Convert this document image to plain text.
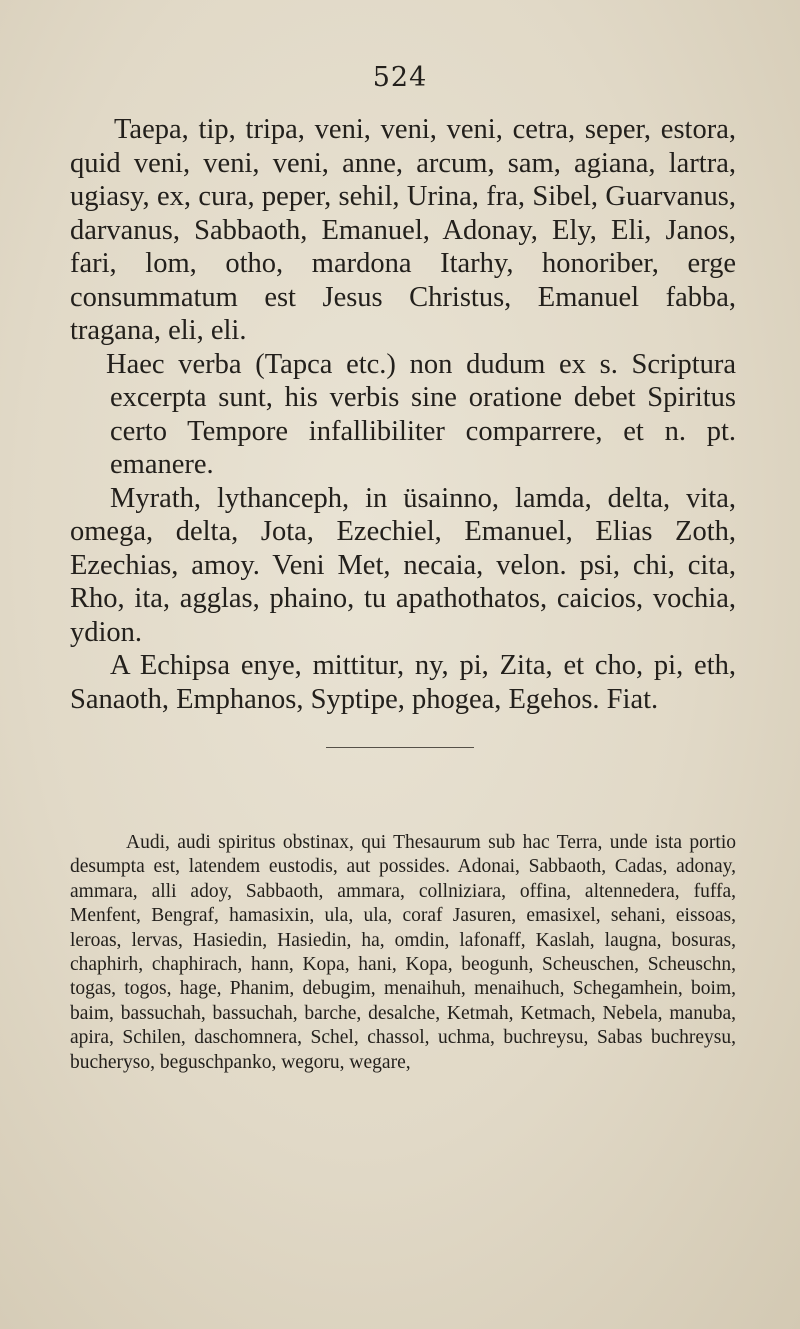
524

Taepa, tip, tripa, veni, veni, veni, cetra, seper, estora, quid veni, veni, veni, anne, arcum, sam, agiana, lartra, ugiasy, ex, cura, peper, sehil, Urina, fra, Sibel, Guarvanus, darvanus, Sabbaoth, Emanuel, Adonay, Ely, Eli, Janos, fari, lom, otho, mardona Itarhy, honoriber, erge consummatum est Jesus Christus, Emanuel fabba, tragana, eli, eli.

Haec verba (Tapca etc.) non dudum ex s. Scriptura excerpta sunt, his verbis sine oratione debet Spiritus certo Tempore infallibiliter comparrere, et n. pt. emanere.

Myrath, lythanceph, in üsainno, lamda, delta, vita, omega, delta, Jota, Ezechiel, Emanuel, Elias Zoth, Ezechias, amoy. Veni Met, necaia, velon. psi, chi, cita, Rho, ita, agglas, phaino, tu apathothatos, caicios, vochia, ydion.

A Echipsa enye, mittitur, ny, pi, Zita, et cho, pi, eth, Sanaoth, Emphanos, Syptipe, phogea, Egehos. Fiat.

Audi, audi spiritus obstinax, qui Thesaurum sub hac Terra, unde ista portio desumpta est, latendem eustodis, aut possides. Adonai, Sabbaoth, Cadas, adonay, ammara, alli adoy, Sabbaoth, ammara, collniziara, offina, altennedera, fuffa, Menfent, Bengraf, hamasixin, ula, ula, coraf Jasuren, emasixel, sehani, eissoas, leroas, lervas, Hasiedin, Hasiedin, ha, omdin, lafonaff, Kaslah, laugna, bosuras, chaphirh, chaphirach, hann, Kopa, hani, Kopa, beogunh, Scheuschen, Scheuschn, togas, togos, hage, Phanim, debugim, menaihuh, menaihuch, Schegamhein, boim, baim, bassuchah, bassuchah, barche, desalche, Ketmah, Ketmach, Nebela, manuba, apira, Schilen, daschomnera, Schel, chassol, uchma, buchreysu, Sabas buchreysu, bucheryso, beguschpanko, wegoru, wegare,
